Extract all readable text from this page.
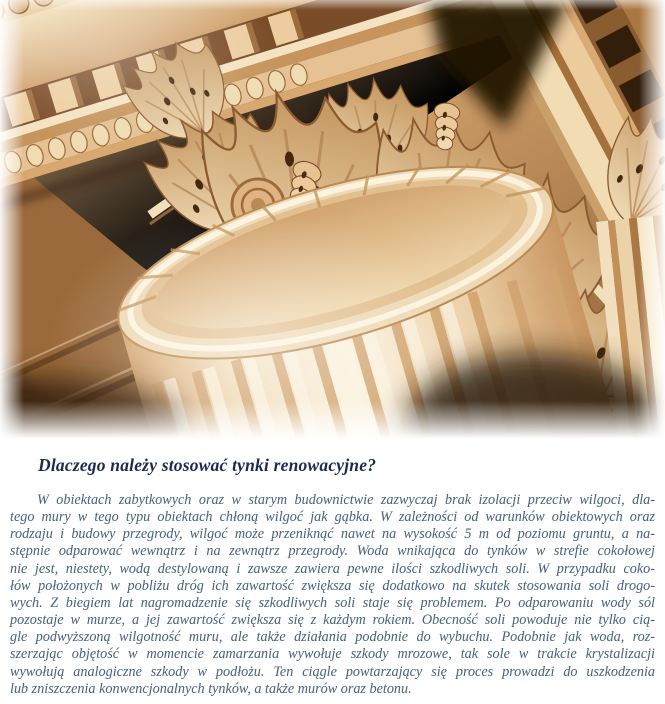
Dlaczego należy stosować tynki renowacyjne?
W obiektach zabytkowych oraz w starym budownictwie zazwyczaj brak izolacji przeciw wilgoci, dla-
tego mury w tego typu obiektach chłoną wilgoć jak gąbka. W zależności od warunków obiektowych oraz
rodzaju i budowy przegrody, wilgoć może przeniknąć nawet na wysokość 5 m od poziomu gruntu, a na-
stępnie odparować wewnątrz i na zewnątrz przegrody. Woda wnikająca do tynków w strefie cokołowej
nie jest, niestety, wodą destylowaną i zawsze zawiera pewne ilości szkodliwych soli. W przypadku coko-
łów położonych w pobliżu dróg ich zawartość zwiększa się dodatkowo na skutek stosowania soli drogo-
wych. Z biegiem lat nagromadzenie się szkodliwych soli staje się problemem. Po odparowaniu wody sól
pozostaje w murze, a jej zawartość zwiększa się z każdym rokiem. Obecność soli powoduje nie tylko cią-
gle podwyższoną wilgotność muru, ale także działania podobnie do wybuchu. Podobnie jak woda, roz-
szerzając objętość w momencie zamarzania wywołuje szkody mrozowe, tak sole w trakcie krystalizacji
wywołują analogiczne szkody w podłożu. Ten ciągle powtarzający się proces prowadzi do uszkodzenia
lub zniszczenia konwencjonalnych tynków, a także murów oraz betonu.
